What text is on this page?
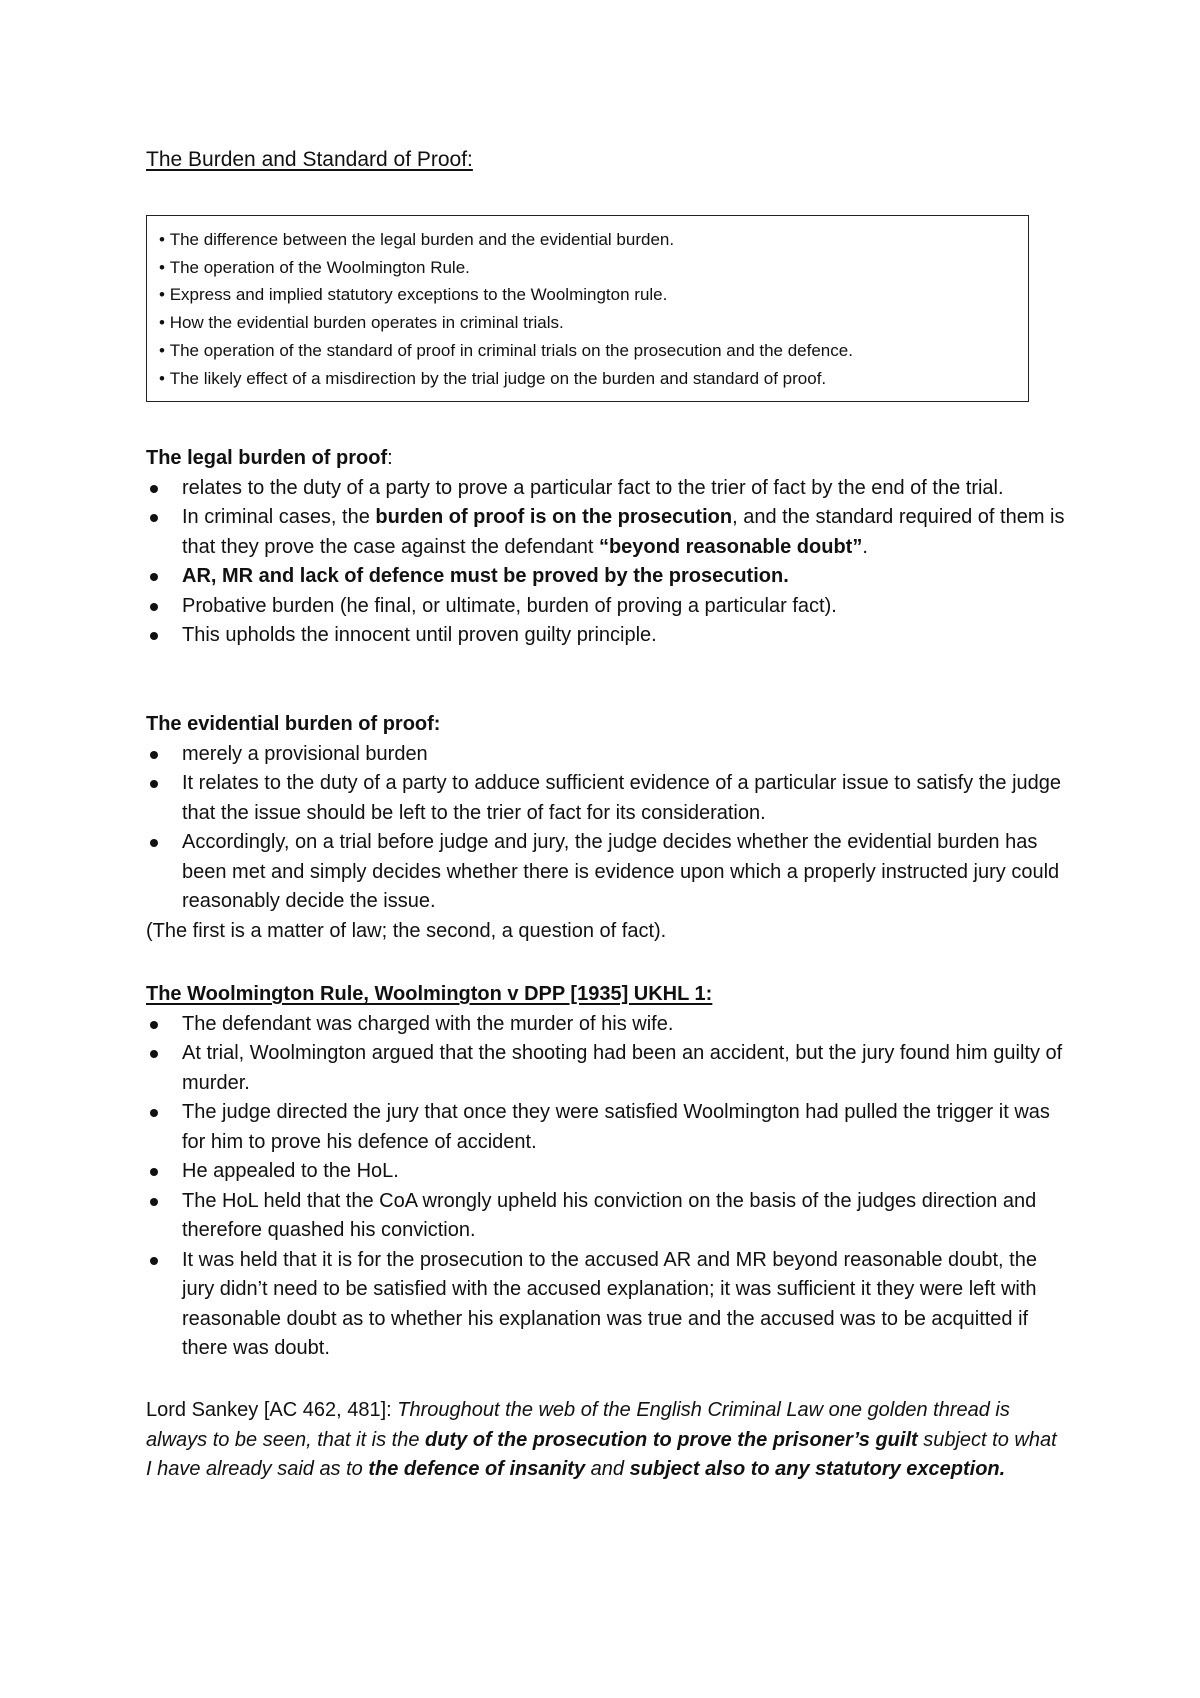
The Burden and Standard of Proof:
• The difference between the legal burden and the evidential burden.
• The operation of the Woolmington Rule.
• Express and implied statutory exceptions to the Woolmington rule.
• How the evidential burden operates in criminal trials.
• The operation of the standard of proof in criminal trials on the prosecution and the defence.
• The likely effect of a misdirection by the trial judge on the burden and standard of proof.
The legal burden of proof:
relates to the duty of a party to prove a particular fact to the trier of fact by the end of the trial.
In criminal cases, the burden of proof is on the prosecution, and the standard required of them is that they prove the case against the defendant “beyond reasonable doubt”.
AR, MR and lack of defence must be proved by the prosecution.
Probative burden (he final, or ultimate, burden of proving a particular fact).
This upholds the innocent until proven guilty principle.
The evidential burden of proof:
merely a provisional burden
It relates to the duty of a party to adduce sufficient evidence of a particular issue to satisfy the judge that the issue should be left to the trier of fact for its consideration.
Accordingly, on a trial before judge and jury, the judge decides whether the evidential burden has been met and simply decides whether there is evidence upon which a properly instructed jury could reasonably decide the issue.
(The first is a matter of law; the second, a question of fact).
The Woolmington Rule, Woolmington v DPP [1935] UKHL 1:
The defendant was charged with the murder of his wife.
At trial, Woolmington argued that the shooting had been an accident, but the jury found him guilty of murder.
The judge directed the jury that once they were satisfied Woolmington had pulled the trigger it was for him to prove his defence of accident.
He appealed to the HoL.
The HoL held that the CoA wrongly upheld his conviction on the basis of the judges direction and therefore quashed his conviction.
It was held that it is for the prosecution to the accused AR and MR beyond reasonable doubt, the jury didn’t need to be satisfied with the accused explanation; it was sufficient it they were left with reasonable doubt as to whether his explanation was true and the accused was to be acquitted if there was doubt.
Lord Sankey [AC 462, 481]: Throughout the web of the English Criminal Law one golden thread is always to be seen, that it is the duty of the prosecution to prove the prisoner’s guilt subject to what I have already said as to the defence of insanity and subject also to any statutory exception.
